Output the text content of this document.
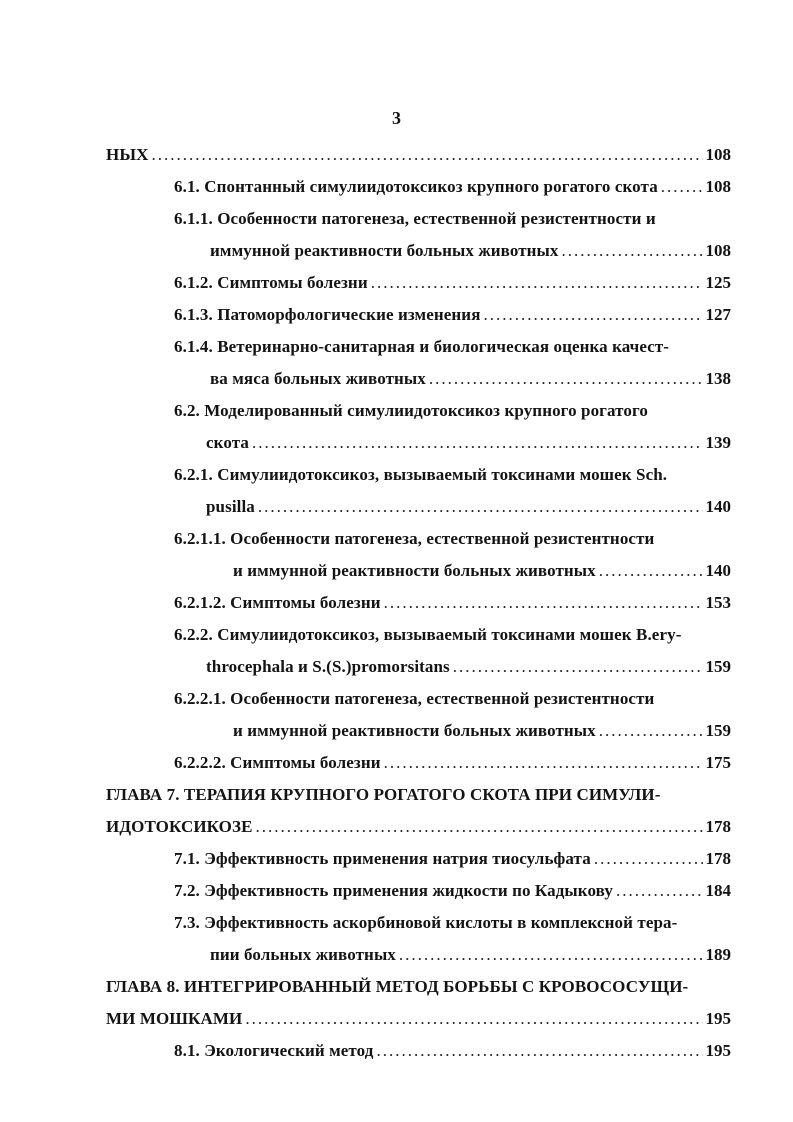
3
НЫХ .....	108
6.1. Спонтанный симулиидотоксикоз крупного рогатого скота .....	108
6.1.1. Особенности патогенеза, естественной резистентности и
иммунной реактивности больных животных .....	108
6.1.2. Симптомы болезни .....	125
6.1.3. Патоморфологические изменения .....	127
6.1.4. Ветеринарно-санитарная и биологическая оценка качест-
ва мяса больных животных .....	138
6.2. Моделированный симулиидотоксикоз крупного рогатого
скота .....	139
6.2.1. Симулиидотоксикоз, вызываемый токсинами мошек Sch.
pusilla .....	140
6.2.1.1. Особенности патогенеза, естественной резистентности
и иммунной реактивности больных животных .....	140
6.2.1.2. Симптомы болезни .....	153
6.2.2. Симулиидотоксикоз, вызываемый токсинами мошек B.ery-
throcephala и S.(S.)promorsitans .....	159
6.2.2.1. Особенности патогенеза, естественной резистентности
и иммунной реактивности больных животных .....	159
6.2.2.2. Симптомы болезни .....	175
ГЛАВА 7. ТЕРАПИЯ КРУПНОГО РОГАТОГО СКОТА ПРИ СИМУЛИ-
ИДОТОКСИКОЗЕ .....	178
7.1. Эффективность применения натрия тиосульфата .....	178
7.2. Эффективность применения жидкости по Кадыкову .....	184
7.3. Эффективность аскорбиновой кислоты в комплексной тера-
пии больных животных .....	189
ГЛАВА 8. ИНТЕГРИРОВАННЫЙ МЕТОД БОРЬБЫ С КРОВОСОСУЩИ-
МИ МОШКАМИ .....	195
8.1. Экологический метод .....	195
